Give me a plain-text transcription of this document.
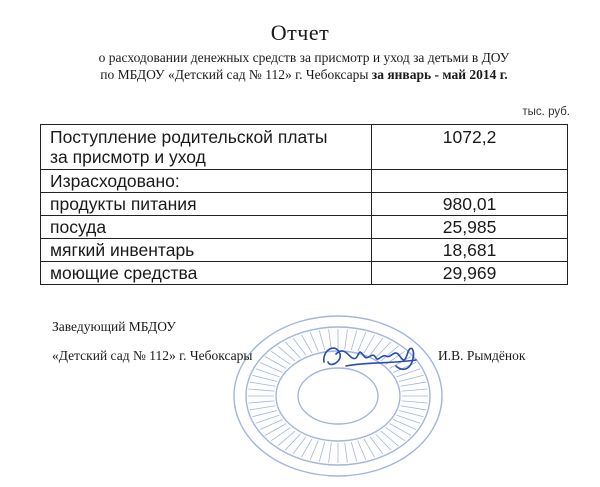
Отчет
о расходовании денежных средств за присмотр и уход за детьми в ДОУ
по МБДОУ «Детский сад № 112» г. Чебоксары за январь - май 2014 г.
тыс. руб.
Поступление родительской платы
за присмотр и уход	1072,2
Израсходовано:	
продукты питания	980,01
посуда	25,985
мягкий инвентарь	18,681
моющие средства	29,969
Заведующий МБДОУ
«Детский сад № 112» г. Чебоксары	И.В. Рымдёнок
